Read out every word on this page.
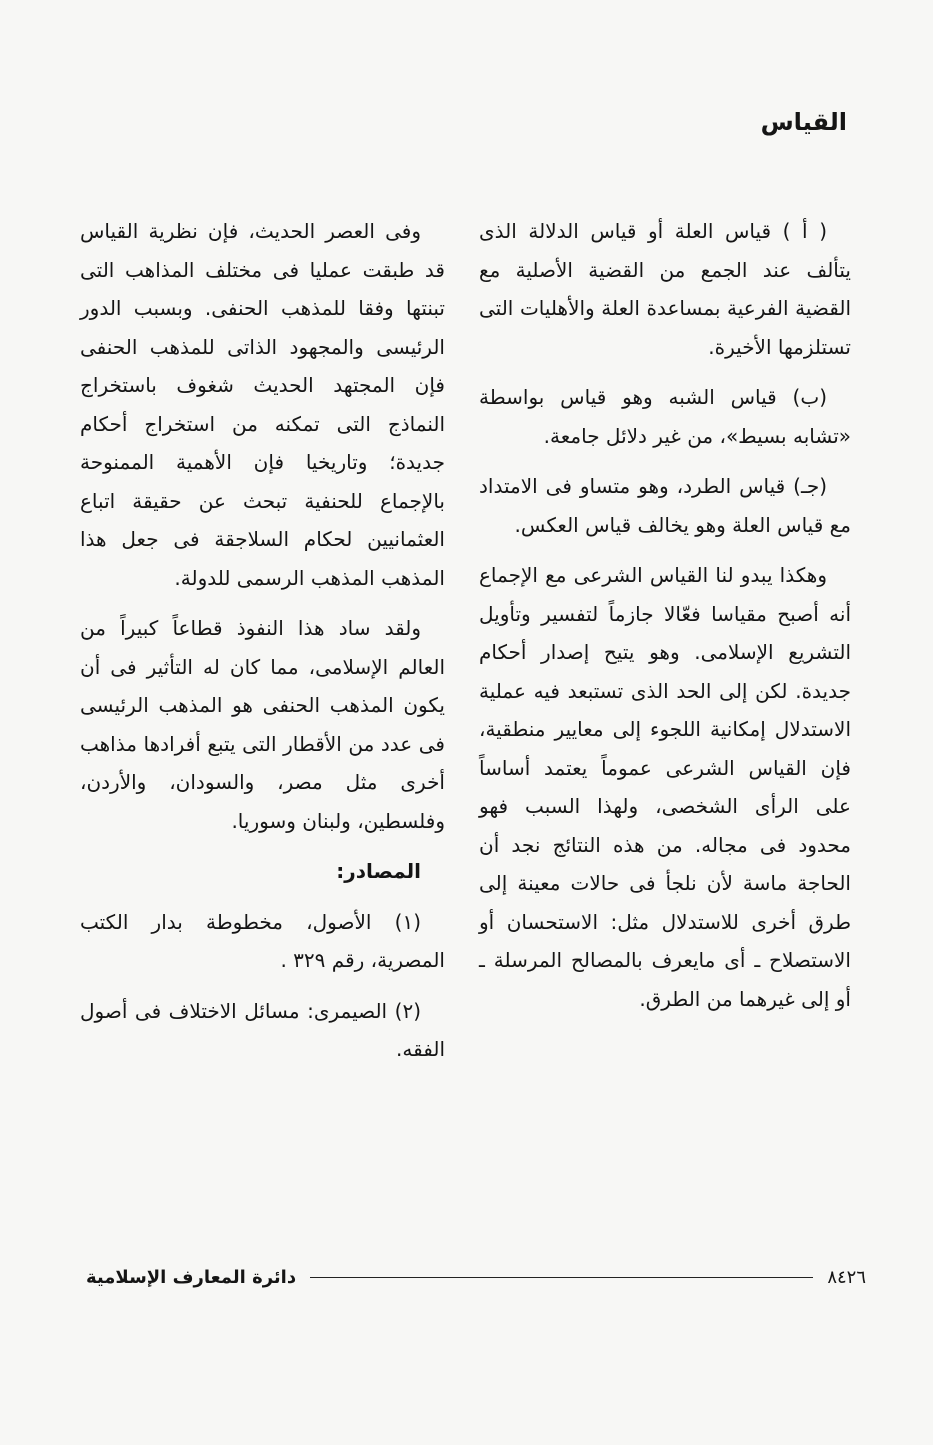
القياس

( أ ) قياس العلة أو قياس الدلالة الذى يتألف عند الجمع من القضية الأصلية مع القضية الفرعية بمساعدة العلة والأهليات التى تستلزمها الأخيرة.

(ب) قياس الشبه وهو قياس بواسطة «تشابه بسيط»، من غير دلائل جامعة.

(جـ) قياس الطرد، وهو متساو فى الامتداد مع قياس العلة وهو يخالف قياس العكس.

وهكذا يبدو لنا القياس الشرعى مع الإجماع أنه أصبح مقياسا فعّالا جازماً لتفسير وتأويل التشريع الإسلامى. وهو يتيح إصدار أحكام جديدة. لكن إلى الحد الذى تستبعد فيه عملية الاستدلال إمكانية اللجوء إلى معايير منطقية، فإن القياس الشرعى عموماً يعتمد أساساً على الرأى الشخصى، ولهذا السبب فهو محدود فى مجاله. من هذه النتائج نجد أن الحاجة ماسة لأن نلجأ فى حالات معينة إلى طرق أخرى للاستدلال مثل: الاستحسان أو الاستصلاح ـ أى مايعرف بالمصالح المرسلة ـ أو إلى غيرهما من الطرق.

وفى العصر الحديث، فإن نظرية القياس قد طبقت عمليا فى مختلف المذاهب التى تبنتها وفقا للمذهب الحنفى. وبسبب الدور الرئيسى والمجهود الذاتى للمذهب الحنفى فإن المجتهد الحديث شغوف باستخراج النماذج التى تمكنه من استخراج أحكام جديدة؛ وتاريخيا فإن الأهمية الممنوحة بالإجماع للحنفية تبحث عن حقيقة اتباع العثمانيين لحكام السلاجقة فى جعل هذا المذهب المذهب الرسمى للدولة.

ولقد ساد هذا النفوذ قطاعاً كبيراً من العالم الإسلامى، مما كان له التأثير فى أن يكون المذهب الحنفى هو المذهب الرئيسى فى عدد من الأقطار التى يتبع أفرادها مذاهب أخرى مثل مصر، والسودان، والأردن، وفلسطين، ولبنان وسوريا.

المصادر:

(١) الأصول، مخطوطة بدار الكتب المصرية، رقم ٣٢٩ .

(٢) الصيمرى: مسائل الاختلاف فى أصول الفقه.

٨٤٢٦
دائرة المعارف الإسلامية
